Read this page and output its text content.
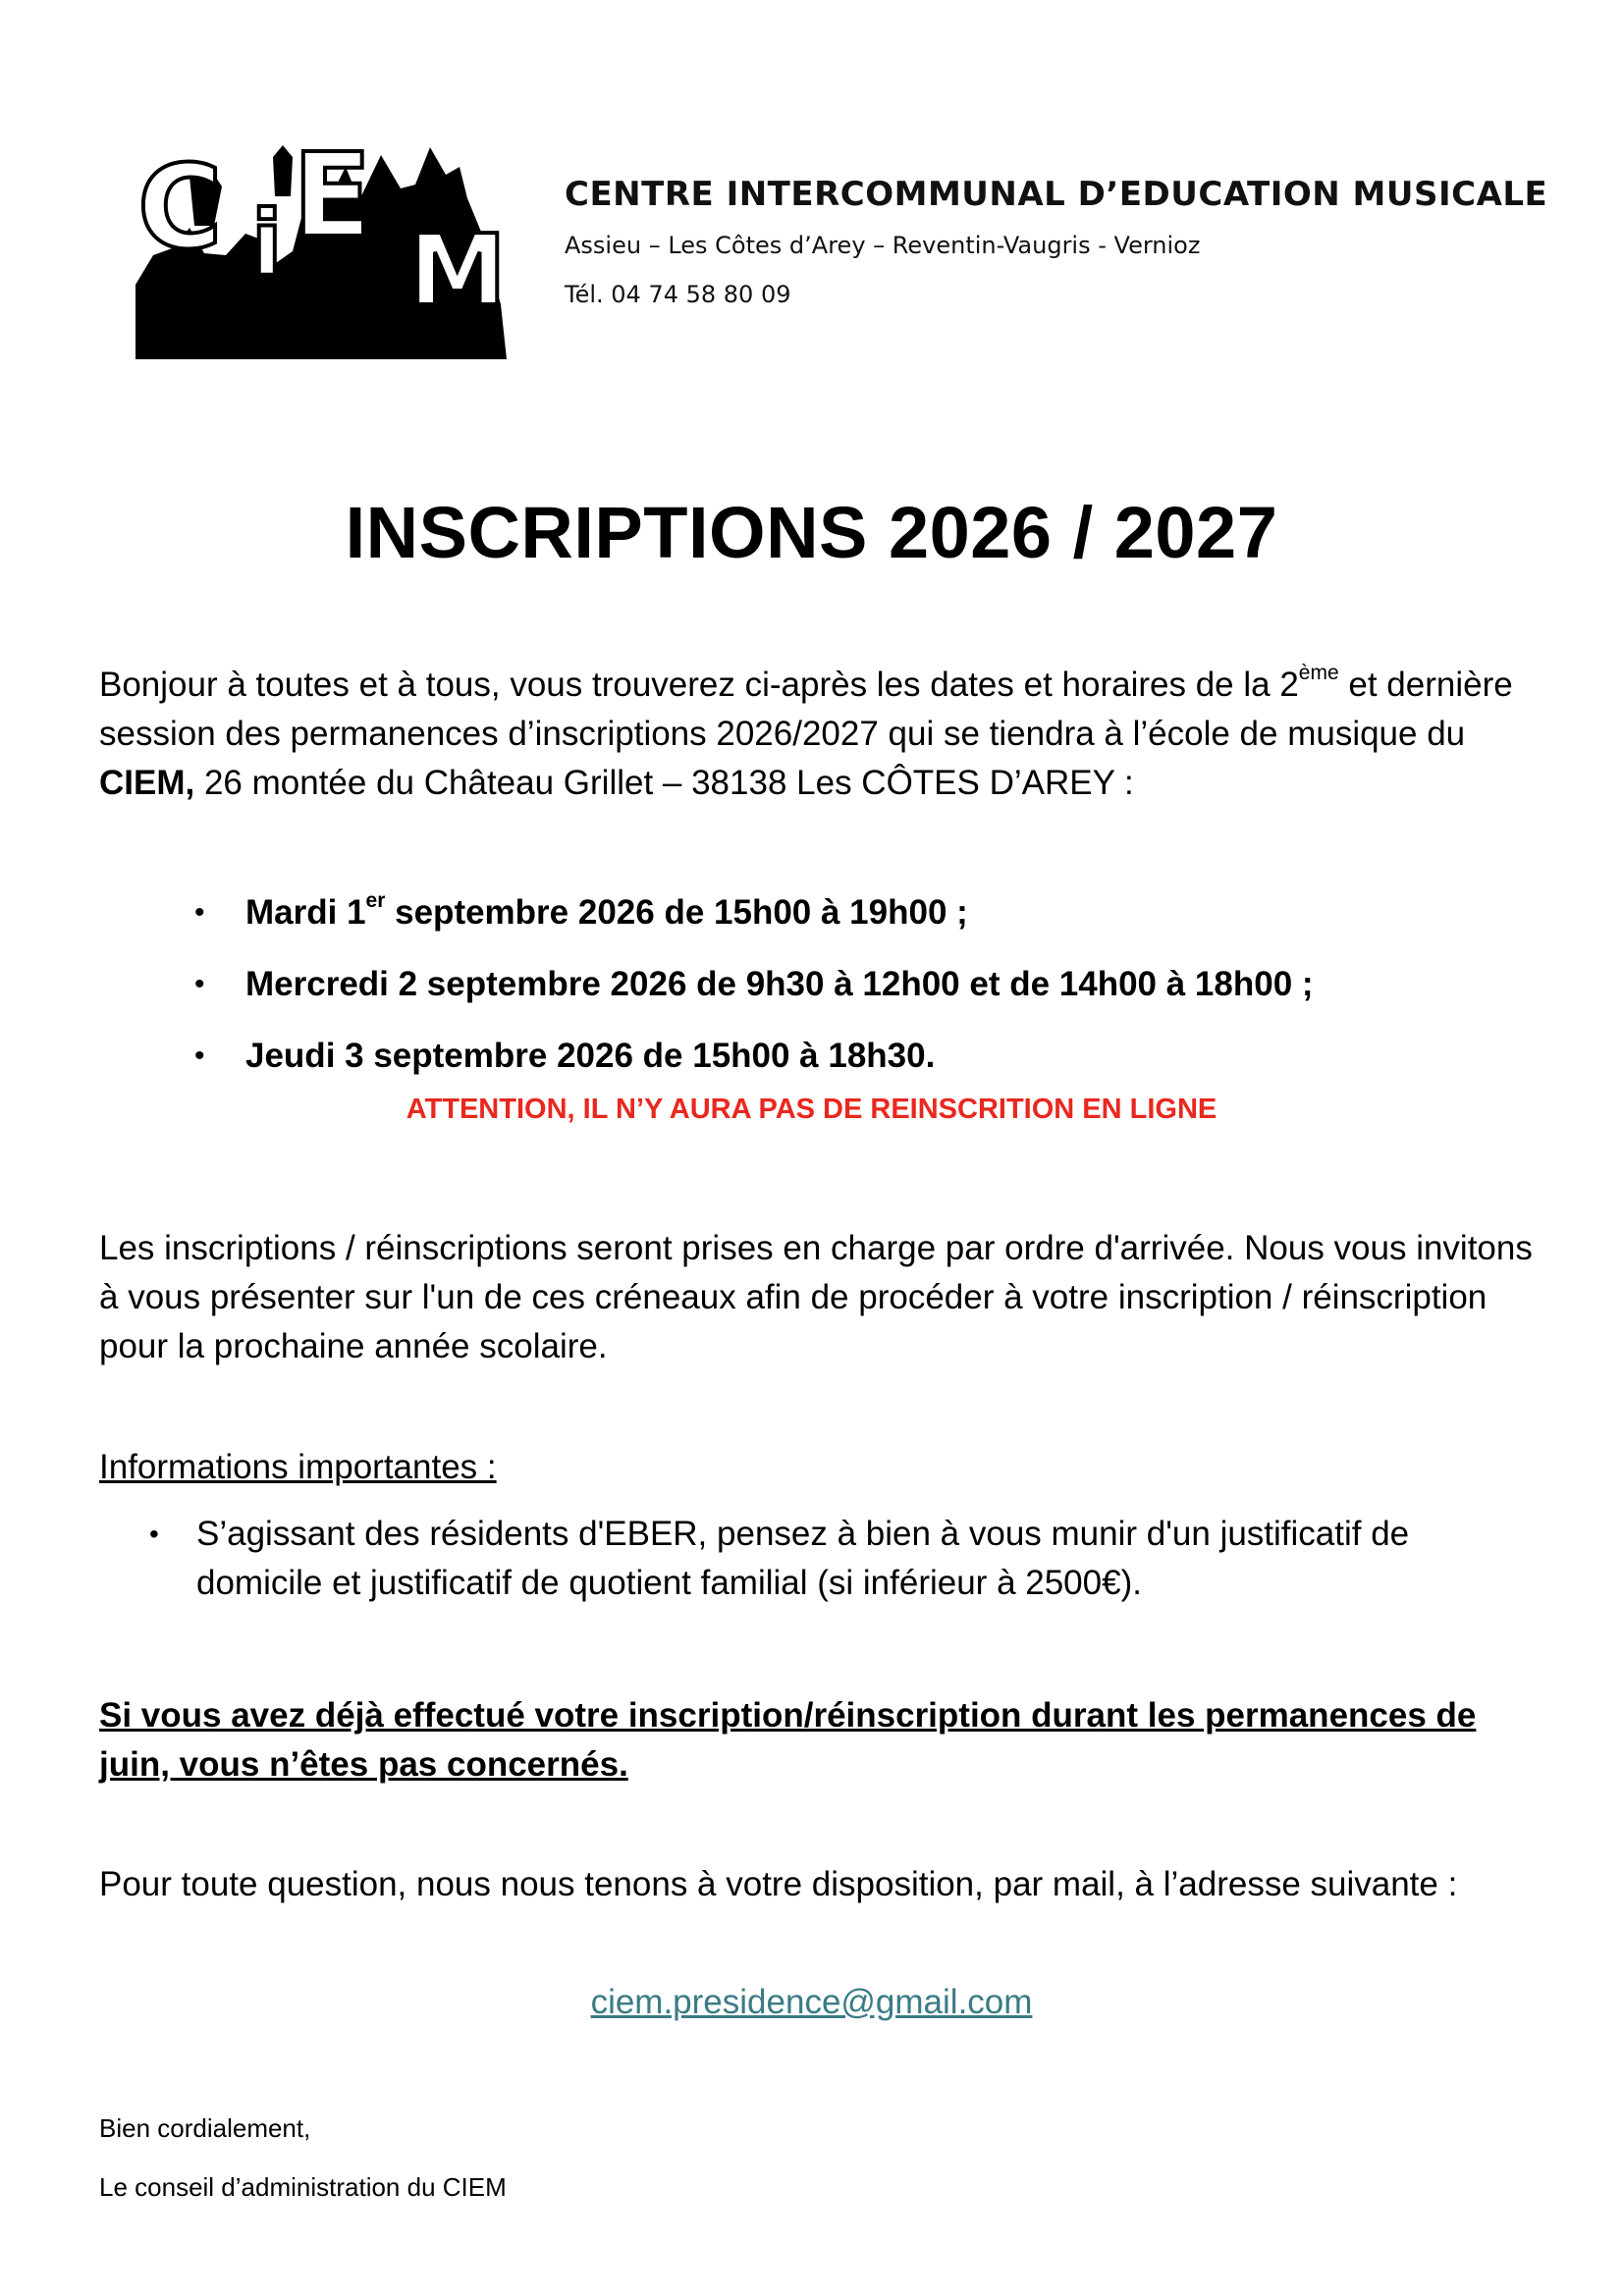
C i E
M
CENTRE INTERCOMMUNAL D’EDUCATION MUSICALE
Assieu – Les Côtes d’Arey – Reventin-Vaugris - Vernioz
Tél. 04 74 58 80 09
INSCRIPTIONS 2026 / 2027
Bonjour à toutes et à tous, vous trouverez ci-après les dates et horaires de la 2ème et dernière session des permanences d’inscriptions 2026/2027 qui se tiendra à l’école de musique du CIEM, 26 montée du Château Grillet – 38138 Les CÔTES D’AREY :
• Mardi 1er septembre 2026 de 15h00 à 19h00 ;
• Mercredi 2 septembre 2026 de 9h30 à 12h00 et de 14h00 à 18h00 ;
• Jeudi 3 septembre 2026 de 15h00 à 18h30.
ATTENTION, IL N’Y AURA PAS DE REINSCRITION EN LIGNE
Les inscriptions / réinscriptions seront prises en charge par ordre d'arrivée. Nous vous invitons à vous présenter sur l'un de ces créneaux afin de procéder à votre inscription / réinscription pour la prochaine année scolaire.
Informations importantes :
• S’agissant des résidents d'EBER, pensez à bien à vous munir d'un justificatif de domicile et justificatif de quotient familial (si inférieur à 2500€).
Si vous avez déjà effectué votre inscription/réinscription durant les permanences de juin, vous n’êtes pas concernés.
Pour toute question, nous nous tenons à votre disposition, par mail, à l’adresse suivante :
ciem.presidence@gmail.com
Bien cordialement,
Le conseil d’administration du CIEM
